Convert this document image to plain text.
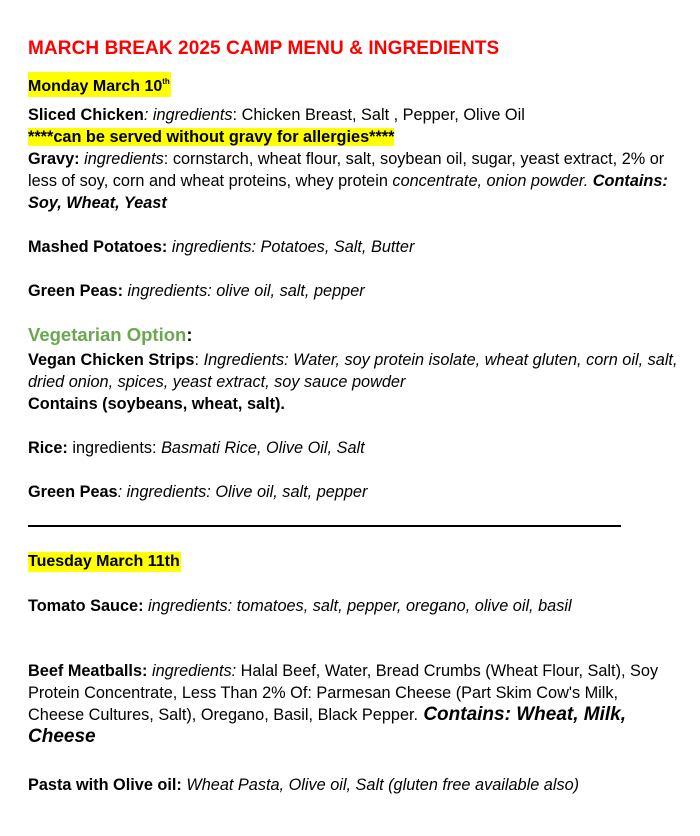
MARCH BREAK 2025 CAMP MENU & INGREDIENTS
Monday March 10th
Sliced Chicken: ingredients: Chicken Breast, Salt , Pepper, Olive Oil
****can be served without gravy for allergies****
Gravy: ingredients: cornstarch, wheat flour, salt, soybean oil, sugar, yeast extract, 2% or less of soy, corn and wheat proteins, whey protein concentrate, onion powder. Contains: Soy, Wheat, Yeast
Mashed Potatoes: ingredients: Potatoes, Salt, Butter
Green Peas: ingredients: olive oil, salt, pepper
Vegetarian Option:
Vegan Chicken Strips: Ingredients: Water, soy protein isolate, wheat gluten, corn oil, salt, dried onion, spices, yeast extract, soy sauce powder
Contains (soybeans, wheat, salt).
Rice: ingredients: Basmati Rice, Olive Oil, Salt
Green Peas: ingredients: Olive oil, salt, pepper
Tuesday March 11th
Tomato Sauce: ingredients: tomatoes, salt, pepper, oregano, olive oil, basil
Beef Meatballs: ingredients: Halal Beef, Water, Bread Crumbs (Wheat Flour, Salt), Soy Protein Concentrate, Less Than 2% Of: Parmesan Cheese (Part Skim Cow's Milk, Cheese Cultures, Salt), Oregano, Basil, Black Pepper. Contains: Wheat, Milk, Cheese
Pasta with Olive oil: Wheat Pasta, Olive oil, Salt (gluten free available also)
